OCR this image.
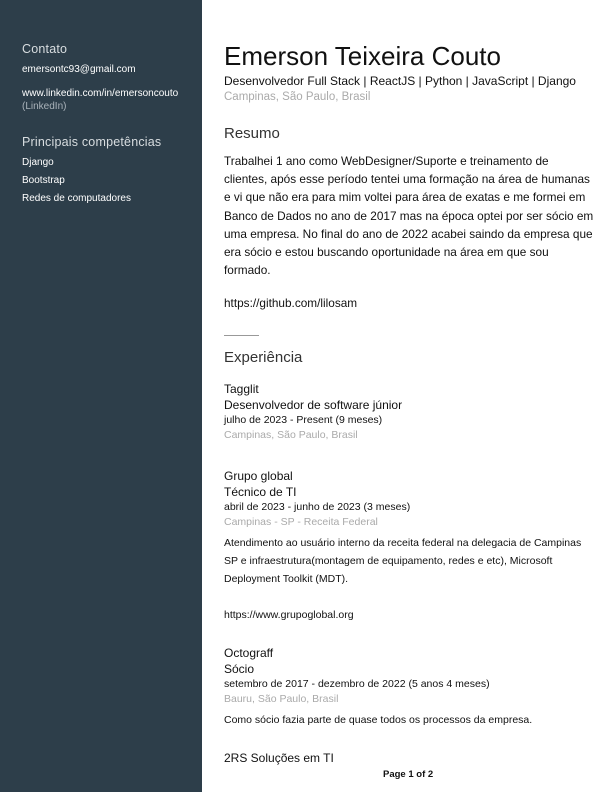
Contato
emersontc93@gmail.com
www.linkedin.com/in/emersoncouto
(LinkedIn)
Principais competências
Django
Bootstrap
Redes de computadores
Emerson Teixeira Couto
Desenvolvedor Full Stack | ReactJS | Python | JavaScript | Django
Campinas, São Paulo, Brasil
Resumo
Trabalhei 1 ano como WebDesigner/Suporte e treinamento de clientes, após esse período tentei uma formação na área de humanas e vi que não era para mim voltei para área de exatas e me formei em Banco de Dados no ano de 2017 mas na época optei por ser sócio em uma empresa. No final do ano de 2022 acabei saindo da empresa que era sócio e estou buscando oportunidade na área em que sou formado.
https://github.com/lilosam
Experiência
Tagglit
Desenvolvedor de software júnior
julho de 2023 - Present (9 meses)
Campinas, São Paulo, Brasil
Grupo global
Técnico de TI
abril de 2023 - junho de 2023 (3 meses)
Campinas - SP - Receita Federal
Atendimento ao usuário interno da receita federal na delegacia de Campinas SP e infraestrutura(montagem de equipamento, redes e etc), Microsoft Deployment Toolkit (MDT).
https://www.grupoglobal.org
Octograff
Sócio
setembro de 2017 - dezembro de 2022 (5 anos 4 meses)
Bauru, São Paulo, Brasil
Como sócio fazia parte de quase todos os processos da empresa.
2RS Soluções em TI
Page 1 of 2
